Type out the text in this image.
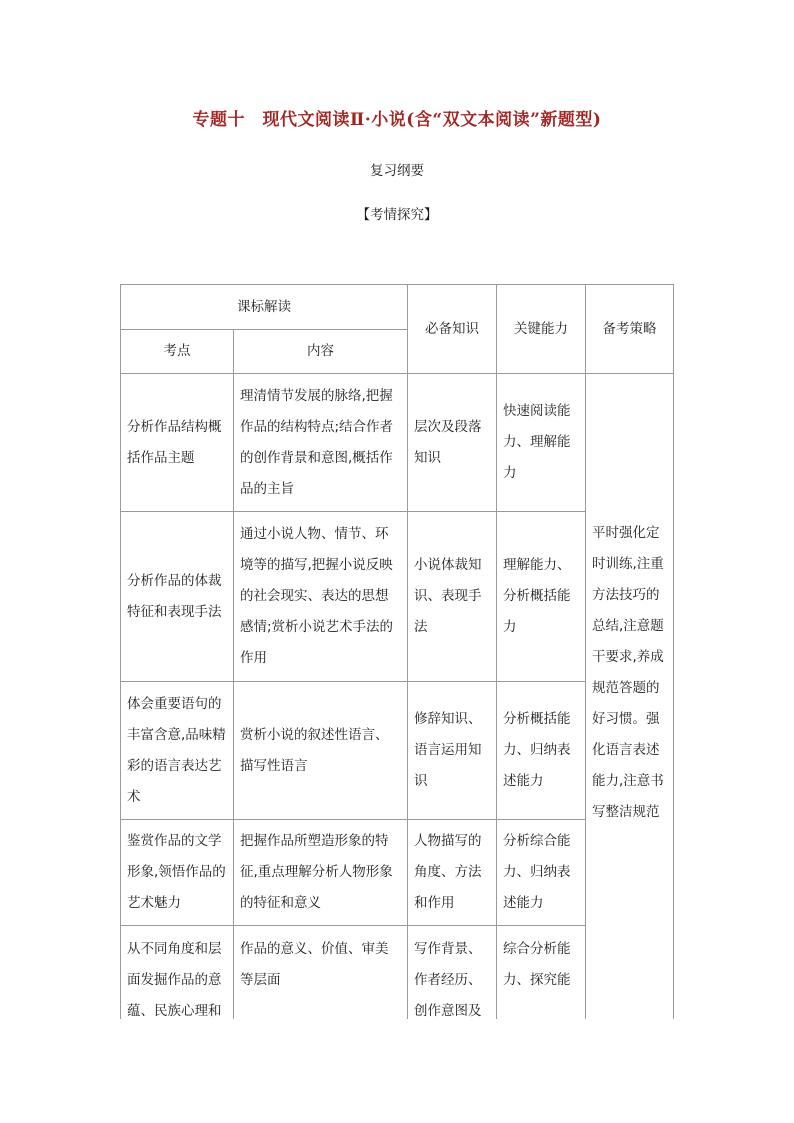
专题十　现代文阅读Ⅱ·小说(含“双文本阅读”新题型)
复习纲要
【考情探究】
课标解读		必备知识	关键能力	备考策略
考点	内容			
分析作品结构概括作品主题	理清情节发展的脉络,把握作品的结构特点;结合作者的创作背景和意图,概括作品的主旨	层次及段落知识	快速阅读能力、理解能力	平时强化定时训练,注重方法技巧的总结,注意题干要求,养成规范答题的好习惯。强化语言表述能力,注意书写整洁规范
分析作品的体裁特征和表现手法	通过小说人物、情节、环境等的描写,把握小说反映的社会现实、表达的思想感情;赏析小说艺术手法的作用	小说体裁知识、表现手法	理解能力、分析概括能力	
体会重要语句的丰富含意,品味精彩的语言表达艺术	赏析小说的叙述性语言、描写性语言	修辞知识、语言运用知识	分析概括能力、归纳表述能力	
鉴赏作品的文学形象,领悟作品的艺术魅力	把握作品所塑造形象的特征,重点理解分析人物形象的特征和意义	人物描写的角度、方法和作用	分析综合能力、归纳表述能力	
从不同角度和层面发掘作品的意蕴、民族心理和	作品的意义、价值、审美等层面	写作背景、作者经历、创作意图及	综合分析能力、探究能	
